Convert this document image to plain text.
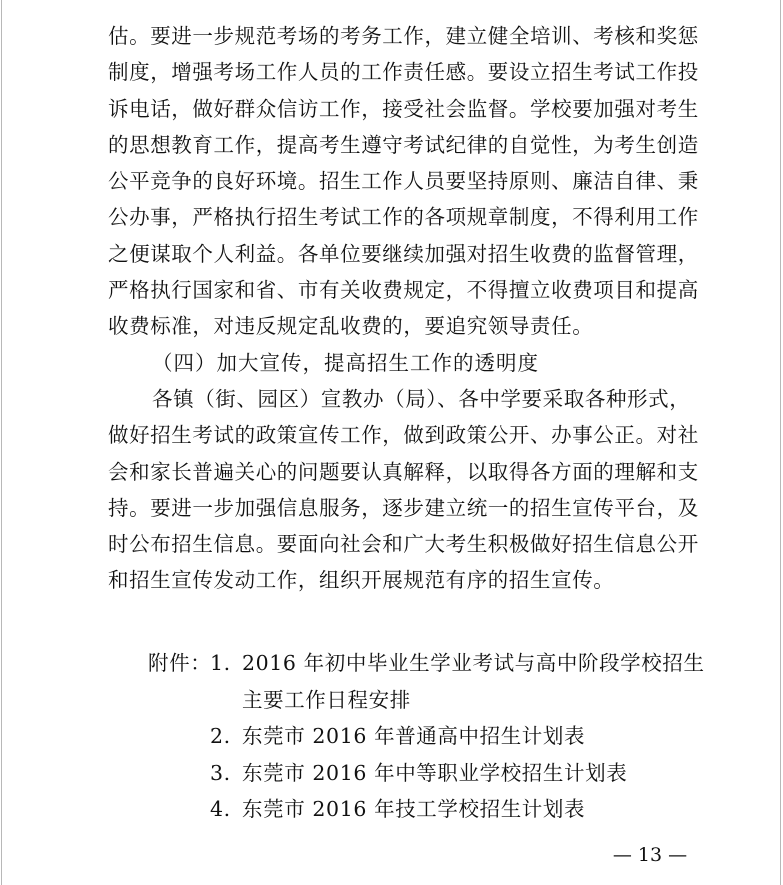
估。要进一步规范考场的考务工作，建立健全培训、考核和奖惩
制度，增强考场工作人员的工作责任感。要设立招生考试工作投
诉电话，做好群众信访工作，接受社会监督。学校要加强对考生
的思想教育工作，提高考生遵守考试纪律的自觉性，为考生创造
公平竞争的良好环境。招生工作人员要坚持原则、廉洁自律、秉
公办事，严格执行招生考试工作的各项规章制度，不得利用工作
之便谋取个人利益。各单位要继续加强对招生收费的监督管理，
严格执行国家和省、市有关收费规定，不得擅立收费项目和提高
收费标准，对违反规定乱收费的，要追究领导责任。
（四）加大宣传，提高招生工作的透明度
各镇（街、园区）宣教办（局）、各中学要采取各种形式，
做好招生考试的政策宣传工作，做到政策公开、办事公正。对社
会和家长普遍关心的问题要认真解释，以取得各方面的理解和支
持。要进一步加强信息服务，逐步建立统一的招生宣传平台，及
时公布招生信息。要面向社会和广大考生积极做好招生信息公开
和招生宣传发动工作，组织开展规范有序的招生宣传。
附件：
1. 2016 年初中毕业生学业考试与高中阶段学校招生
主要工作日程安排
2. 东莞市 2016 年普通高中招生计划表
3. 东莞市 2016 年中等职业学校招生计划表
4. 东莞市 2016 年技工学校招生计划表
— 13 —
